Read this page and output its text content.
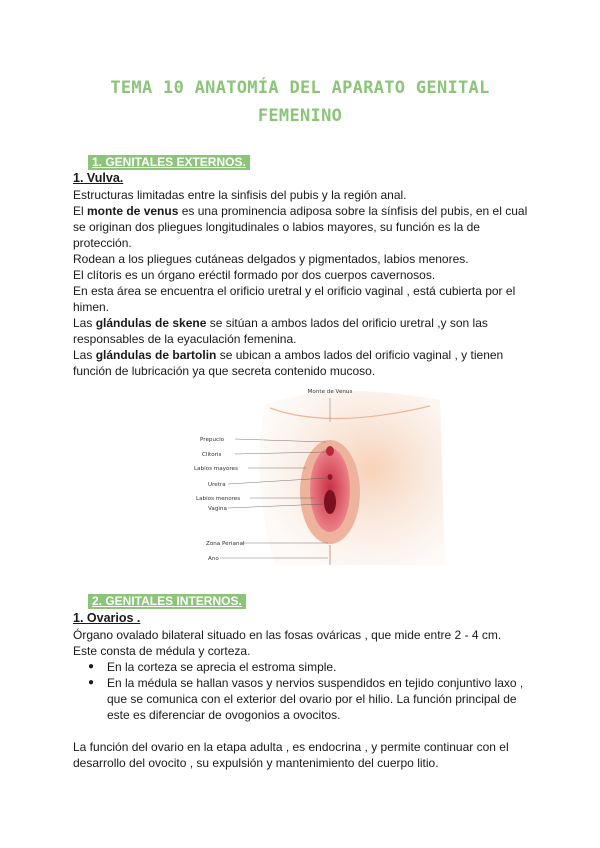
TEMA 10 ANATOMÍA DEL APARATO GENITAL
FEMENINO
1. GENITALES EXTERNOS.
1. Vulva.

Estructuras limitadas entre la sinfisis del pubis y la región anal.

El monte de venus es una prominencia adiposa sobre la sínfisis del pubis, en el cual se originan dos pliegues longitudinales o labios mayores, su función es la de protección.

Rodean a los pliegues cutáneas delgados y pigmentados, labios menores.

El clítoris es un órgano eréctil formado por dos cuerpos cavernosos.

En esta área se encuentra el orificio uretral y el orificio vaginal , está cubierta por el himen.

Las glándulas de skene se sitúan a ambos lados del orificio uretral ,y son las responsables de la eyaculación femenina.

Las glándulas de bartolin se ubican a ambos lados del orificio vaginal , y tienen función de lubricación ya que secreta contenido mucoso.

Monte de Venus
Prepucio
Clítoris
Labios mayores
Uretra
Labios menores
Vagina
Zona Perianal
Ano
2. GENITALES INTERNOS.
1. Ovarios .

Órgano ovalado bilateral situado en las fosas ováricas , que mide entre 2 - 4 cm.

Este consta de médula y corteza.

● En la corteza se aprecia el estroma simple.
● En la médula se hallan vasos y nervios suspendidos en tejido conjuntivo laxo , que se comunica con el exterior del ovario por el hilio. La función principal de este es diferenciar de ovogonios a ovocitos.

La función del ovario en la etapa adulta , es endocrina , y permite continuar con el desarrollo del ovocito , su expulsión y mantenimiento del cuerpo litio.
